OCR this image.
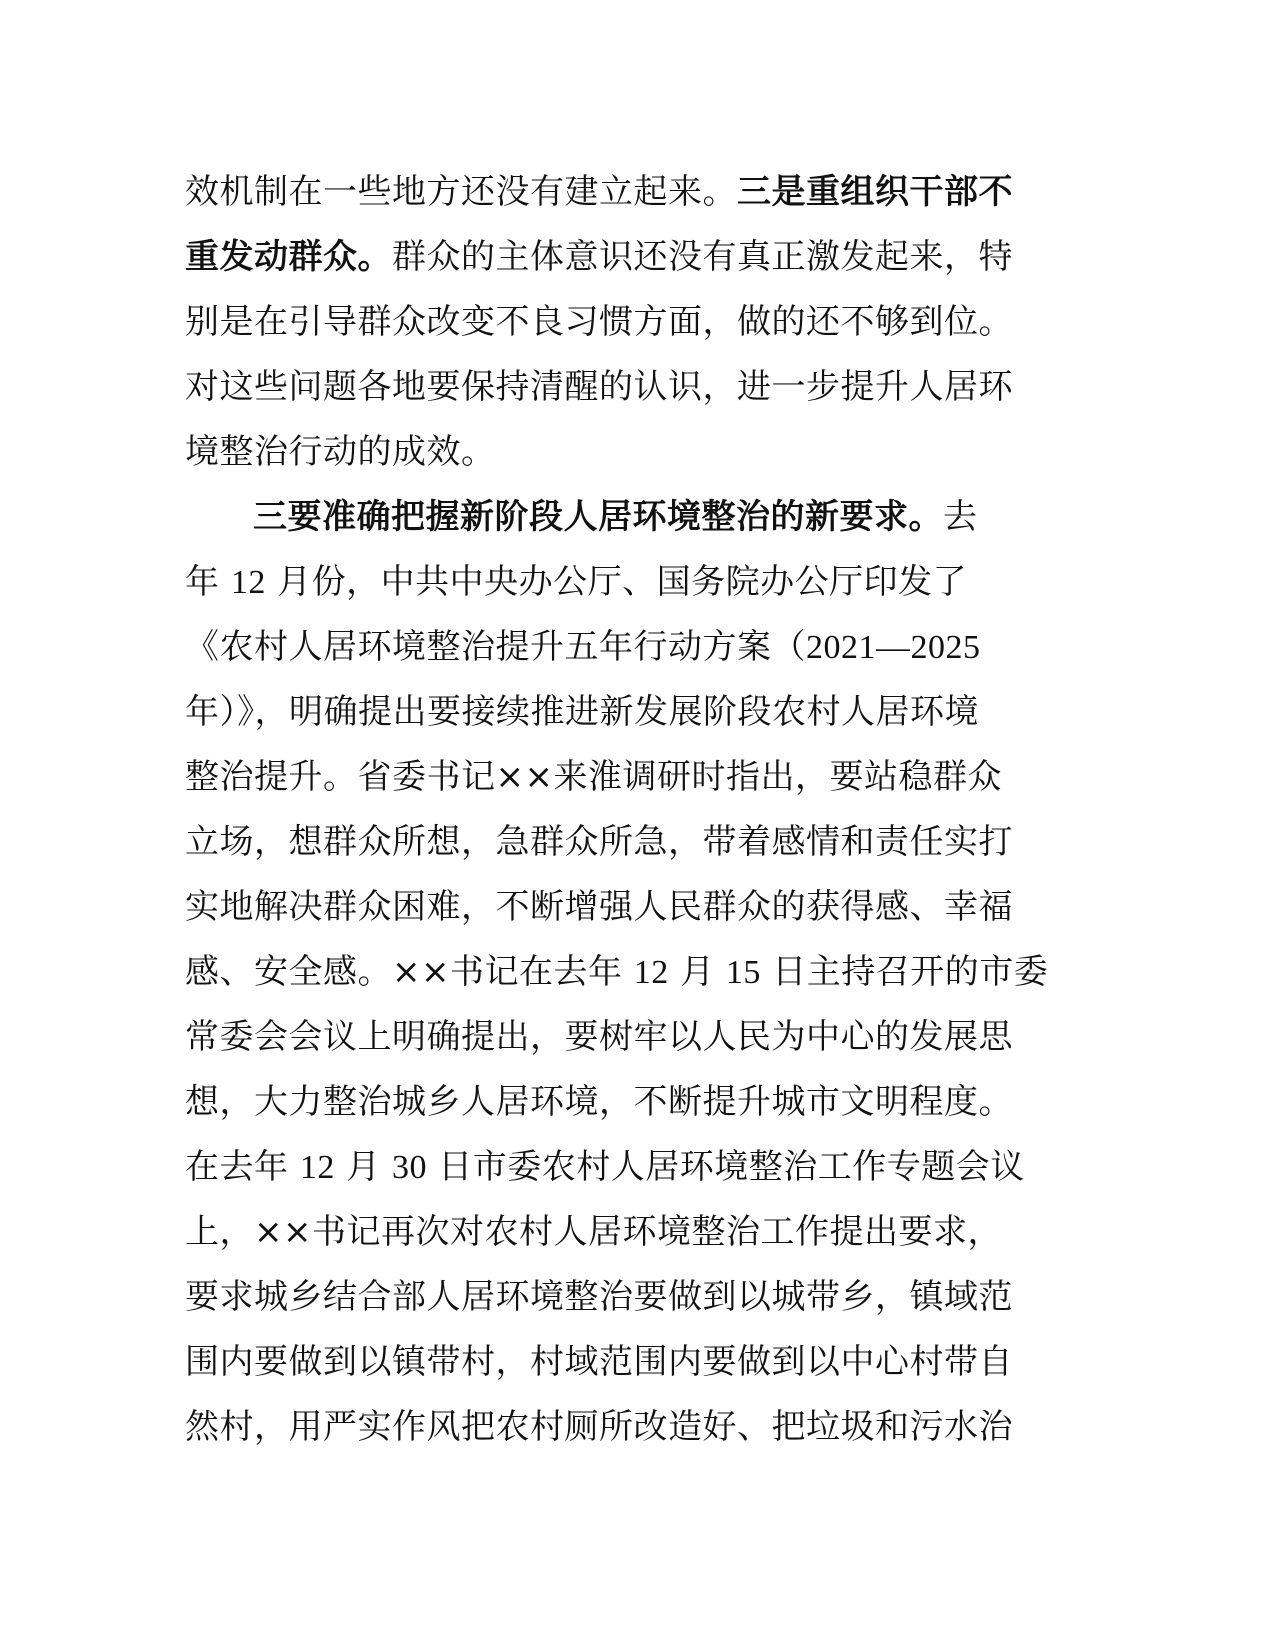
效机制在一些地方还没有建立起来。三是重组织干部不
重发动群众。群众的主体意识还没有真正激发起来，特
别是在引导群众改变不良习惯方面，做的还不够到位。
对这些问题各地要保持清醒的认识，进一步提升人居环
境整治行动的成效。
三要准确把握新阶段人居环境整治的新要求。去
年 12 月份，中共中央办公厅、国务院办公厅印发了
《农村人居环境整治提升五年行动方案（2021—2025
年）》，明确提出要接续推进新发展阶段农村人居环境
整治提升。省委书记××来淮调研时指出，要站稳群众
立场，想群众所想，急群众所急，带着感情和责任实打
实地解决群众困难，不断增强人民群众的获得感、幸福
感、安全感。××书记在去年 12 月 15 日主持召开的市委
常委会会议上明确提出，要树牢以人民为中心的发展思
想，大力整治城乡人居环境，不断提升城市文明程度。
在去年 12 月 30 日市委农村人居环境整治工作专题会议
上，××书记再次对农村人居环境整治工作提出要求，
要求城乡结合部人居环境整治要做到以城带乡，镇域范
围内要做到以镇带村，村域范围内要做到以中心村带自
然村，用严实作风把农村厕所改造好、把垃圾和污水治
